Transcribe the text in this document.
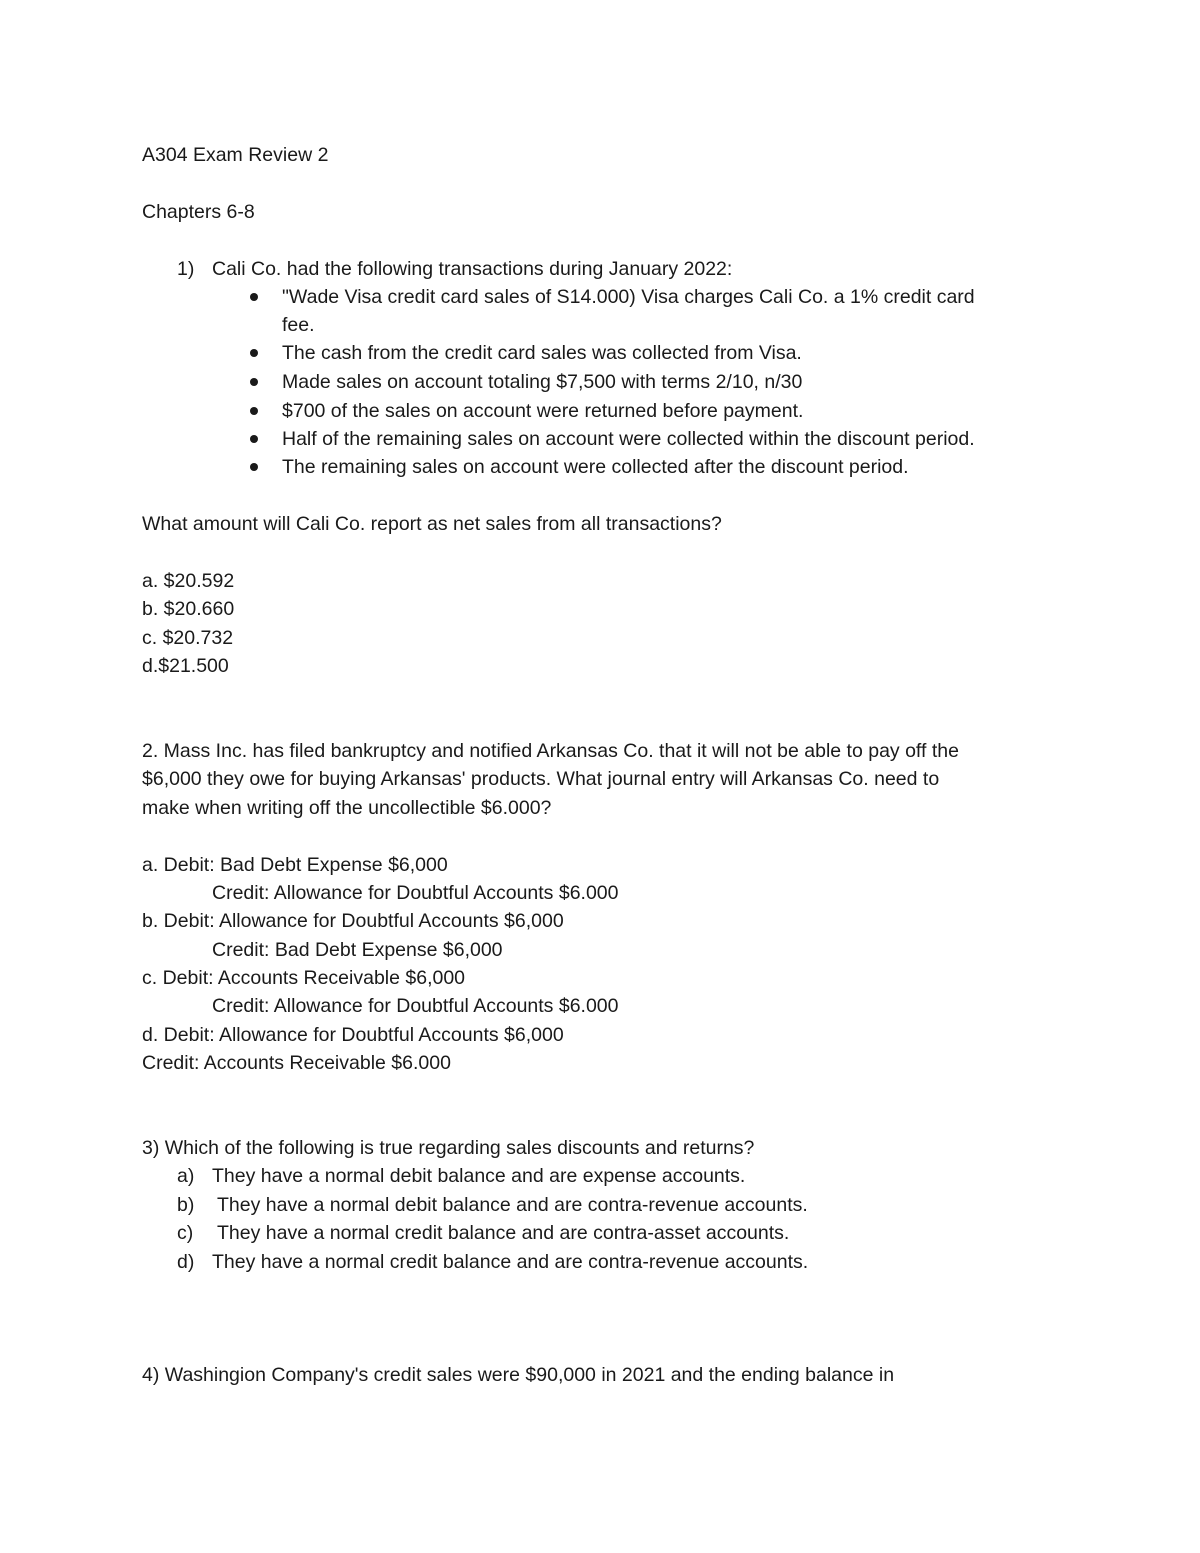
A304 Exam Review 2
Chapters 6-8
1) Cali Co. had the following transactions during January 2022:
"Wade Visa credit card sales of S14.000) Visa charges Cali Co. a 1% credit card
fee.
The cash from the credit card sales was collected from Visa.
Made sales on account totaling $7,500 with terms 2/10, n/30
$700 of the sales on account were returned before payment.
Half of the remaining sales on account were collected within the discount period.
The remaining sales on account were collected after the discount period.
What amount will Cali Co. report as net sales from all transactions?
a. $20.592
b. $20.660
c. $20.732
d.$21.500
2. Mass Inc. has filed bankruptcy and notified Arkansas Co. that it will not be able to pay off the
$6,000 they owe for buying Arkansas' products. What journal entry will Arkansas Co. need to
make when writing off the uncollectible $6.000?
a. Debit: Bad Debt Expense $6,000
Credit: Allowance for Doubtful Accounts $6.000
b. Debit: Allowance for Doubtful Accounts $6,000
Credit: Bad Debt Expense $6,000
c. Debit: Accounts Receivable $6,000
Credit: Allowance for Doubtful Accounts $6.000
d. Debit: Allowance for Doubtful Accounts $6,000
Credit: Accounts Receivable $6.000
3) Which of the following is true regarding sales discounts and returns?
a) They have a normal debit balance and are expense accounts.
b) They have a normal debit balance and are contra-revenue accounts.
c) They have a normal credit balance and are contra-asset accounts.
d) They have a normal credit balance and are contra-revenue accounts.
4) Washingion Company's credit sales were $90,000 in 2021 and the ending balance in
